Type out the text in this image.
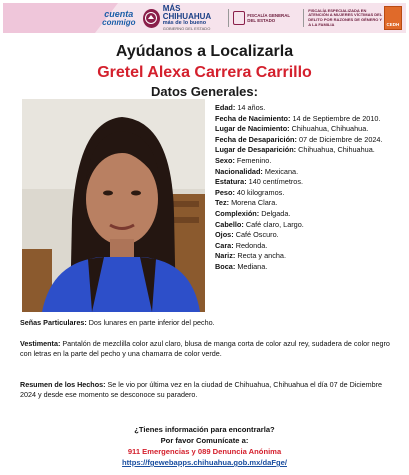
cuenta
conmigo
MÁS CHIHUAHUA
más de lo bueno
GOBIERNO DEL ESTADO
FISCALÍA GENERAL DEL ESTADO
FISCALÍA ESPECIALIZADA EN ATENCIÓN A MUJERES VÍCTIMAS DEL DELITO POR RAZONES DE GÉNERO Y A LA FAMILIA	CEDH
Ayúdanos a Localizarla
Gretel Alexa Carrera Carrillo
Datos Generales:
Edad: 14 años.
Fecha de Nacimiento: 14 de Septiembre de 2010.
Lugar de Nacimiento: Chihuahua, Chihuahua.
Fecha de Desaparición: 07 de Diciembre de 2024.
Lugar de Desaparición: Chihuahua, Chihuahua.
Sexo: Femenino.
Nacionalidad: Mexicana.
Estatura: 140 centímetros.
Peso: 40 kilogramos.
Tez: Morena Clara.
Complexión: Delgada.
Cabello: Café claro, Largo.
Ojos: Café Oscuro.
Cara: Redonda.
Nariz: Recta y ancha.
Boca: Mediana.
Señas Particulares: Dos lunares en parte inferior del pecho.
Vestimenta: Pantalón de mezclilla color azul claro, blusa de manga corta de color azul rey, sudadera de color negro con letras en la parte del pecho y una chamarra de color verde.
Resumen de los Hechos: Se le vio por última vez en la ciudad de Chihuahua, Chihuahua el día 07 de Diciembre 2024 y desde ese momento se desconoce su paradero.
¿Tienes información para encontrarla?
Por favor Comunícate a:
911 Emergencias y 089 Denuncia Anónima
https://fgewebapps.chihuahua.gob.mx/daFge/
